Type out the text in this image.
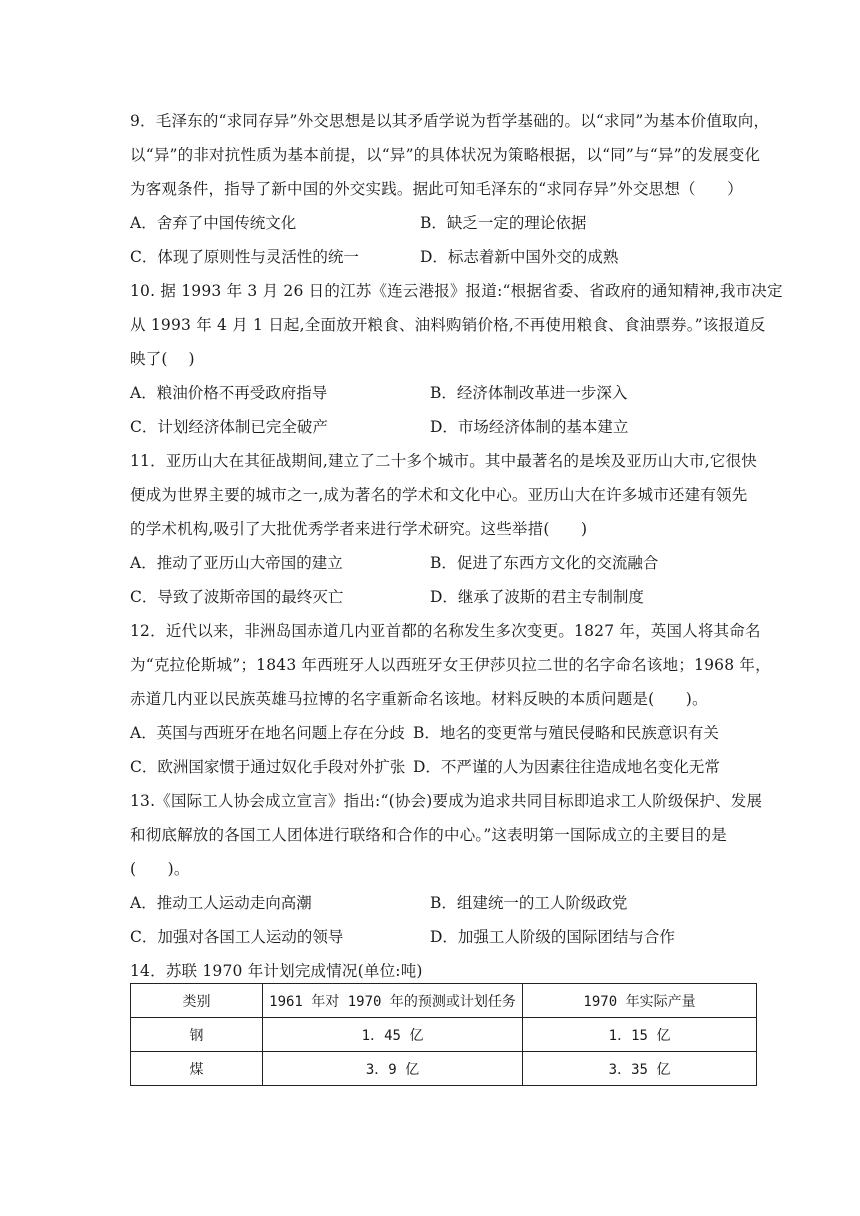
9．毛泽东的“求同存异”外交思想是以其矛盾学说为哲学基础的。以“求同”为基本价值取向，
以“异”的非对抗性质为基本前提，以“异”的具体状况为策略根据，以“同”与“异”的发展变化
为客观条件，指导了新中国的外交实践。据此可知毛泽东的“求同存异”外交思想（　　）
A．舍弃了中国传统文化	B．缺乏一定的理论依据
C．体现了原则性与灵活性的统一	D．标志着新中国外交的成熟
10. 据 1993 年 3 月 26 日的江苏《连云港报》报道:“根据省委、省政府的通知精神,我市决定
从 1993 年 4 月 1 日起,全面放开粮食、油料购销价格,不再使用粮食、食油票券。”该报道反
映了(　 )
A．粮油价格不再受政府指导	B．经济体制改革进一步深入
C．计划经济体制已完全破产	D．市场经济体制的基本建立
11．亚历山大在其征战期间,建立了二十多个城市。其中最著名的是埃及亚历山大市,它很快
便成为世界主要的城市之一,成为著名的学术和文化中心。亚历山大在许多城市还建有领先
的学术机构,吸引了大批优秀学者来进行学术研究。这些举措(　　)
A．推动了亚历山大帝国的建立	B．促进了东西方文化的交流融合
C．导致了波斯帝国的最终灭亡	D．继承了波斯的君主专制制度
12．近代以来，非洲岛国赤道几内亚首都的名称发生多次变更。1827 年，英国人将其命名
为“克拉伦斯城”；1843 年西班牙人以西班牙女王伊莎贝拉二世的名字命名该地；1968 年，
赤道几内亚以民族英雄马拉博的名字重新命名该地。材料反映的本质问题是(　　)。
A．英国与西班牙在地名问题上存在分歧 B．地名的变更常与殖民侵略和民族意识有关
C．欧洲国家惯于通过奴化手段对外扩张 D．不严谨的人为因素往往造成地名变化无常
13.《国际工人协会成立宣言》指出:“(协会)要成为追求共同目标即追求工人阶级保护、发展
和彻底解放的各国工人团体进行联络和合作的中心。”这表明第一国际成立的主要目的是
(　　)。
A．推动工人运动走向高潮	B．组建统一的工人阶级政党
C．加强对各国工人运动的领导	D．加强工人阶级的国际团结与合作
14．苏联 1970 年计划完成情况(单位:吨)
类别	1961 年对 1970 年的预测或计划任务	1970 年实际产量
钢	1．45 亿	1．15 亿
煤	3．9 亿	3．35 亿
